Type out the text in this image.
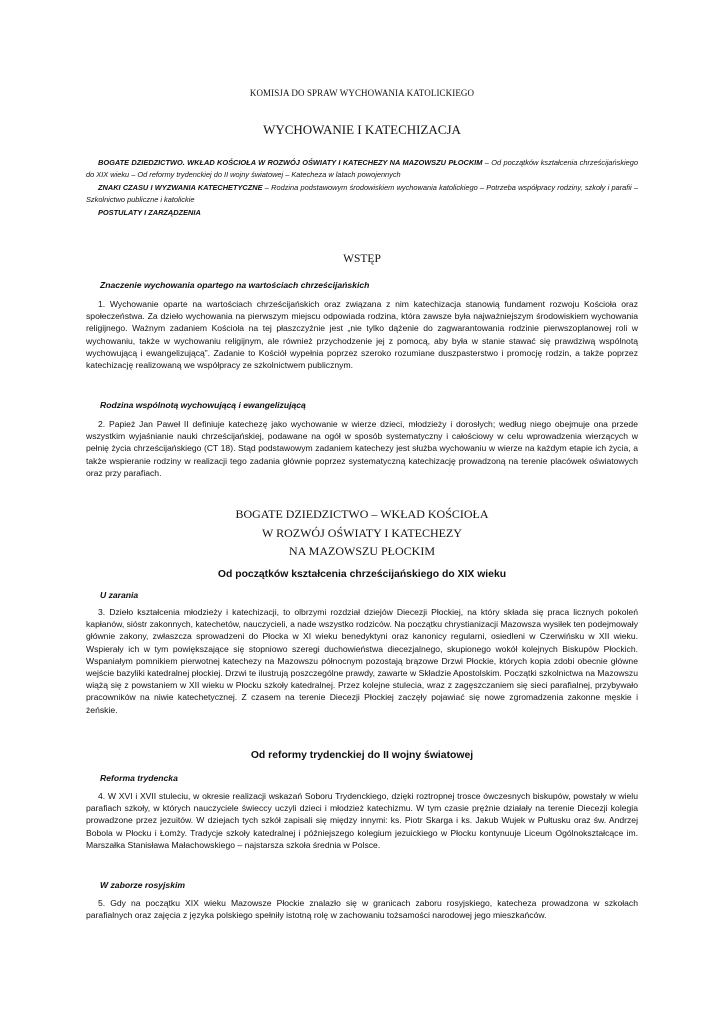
KOMISJA DO SPRAW WYCHOWANIA KATOLICKIEGO
WYCHOWANIE I KATECHIZACJA

BOGATE DZIEDZICTWO. WKŁAD KOŚCIOŁA W ROZWÓJ OŚWIATY I KATECHEZY NA MAZOWSZU PŁOCKIM – Od początków kształcenia chrześcijańskiego do XIX wieku – Od reformy trydenckiej do II wojny światowej – Katecheza w latach powojennych

ZNAKI CZASU I WYZWANIA KATECHETYCZNE – Rodzina podstawowym środowiskiem wychowania katolickiego – Potrzeba współpracy rodziny, szkoły i parafii – Szkolnictwo publiczne i katolickie

POSTULATY I ZARZĄDZENIA

WSTĘP
Znaczenie wychowania opartego na wartościach chrześcijańskich

1. Wychowanie oparte na wartościach chrześcijańskich oraz związana z nim katechizacja stanowią fundament rozwoju Kościoła oraz społeczeństwa. Za dzieło wychowania na pierwszym miejscu odpowiada rodzina, która zawsze była najważniejszym środowiskiem wychowania religijnego. Ważnym zadaniem Kościoła na tej płaszczyźnie jest „nie tylko dążenie do zagwarantowania rodzinie pierwszoplanowej roli w wychowaniu, także w wychowaniu religijnym, ale również przychodzenie jej z pomocą, aby była w stanie stawać się prawdziwą wspólnotą wychowującą i ewangelizującą”. Zadanie to Kościół wypełnia poprzez szeroko rozumiane duszpasterstwo i promocję rodzin, a także poprzez katechizację realizowaną we współpracy ze szkolnictwem publicznym.

Rodzina wspólnotą wychowującą i ewangelizującą

2. Papież Jan Paweł II definiuje katechezę jako wychowanie w wierze dzieci, młodzieży i dorosłych; według niego obejmuje ona przede wszystkim wyjaśnianie nauki chrześcijańskiej, podawane na ogół w sposób systematyczny i całościowy w celu wprowadzenia wierzących w pełnię życia chrześcijańskiego (CT 18). Stąd podstawowym zadaniem katechezy jest służba wychowaniu w wierze na każdym etapie ich życia, a także wspieranie rodziny w realizacji tego zadania głównie poprzez systematyczną katechizację prowadzoną na terenie placówek oświatowych oraz przy parafiach.

BOGATE DZIEDZICTWO – WKŁAD KOŚCIOŁA
W ROZWÓJ OŚWIATY I KATECHEZY
NA MAZOWSZU PŁOCKIM
Od początków kształcenia chrześcijańskiego do XIX wieku
U zarania

3. Dzieło kształcenia młodzieży i katechizacji, to olbrzymi rozdział dziejów Diecezji Płockiej, na który składa się praca licznych pokoleń kapłanów, sióstr zakonnych, katechetów, nauczycieli, a nade wszystko rodziców. Na początku chrystianizacji Mazowsza wysiłek ten podejmowały głównie zakony, zwłaszcza sprowadzeni do Płocka w XI wieku benedyktyni oraz kanonicy regularni, osiedleni w Czerwińsku w XII wieku. Wspierały ich w tym powiększające się stopniowo szeregi duchowieństwa diecezjalnego, skupionego wokół kolejnych Biskupów Płockich. Wspaniałym pomnikiem pierwotnej katechezy na Mazowszu północnym pozostają brązowe Drzwi Płockie, których kopia zdobi obecnie główne wejście bazyliki katedralnej płockiej. Drzwi te ilustrują poszczególne prawdy, zawarte w Składzie Apostolskim. Początki szkolnictwa na Mazowszu wiążą się z powstaniem w XII wieku w Płocku szkoły katedralnej. Przez kolejne stulecia, wraz z zagęszczaniem się sieci parafialnej, przybywało pracowników na niwie katechetycznej. Z czasem na terenie Diecezji Płockiej zaczęły pojawiać się nowe zgromadzenia zakonne męskie i żeńskie.

Od reformy trydenckiej do II wojny światowej
Reforma trydencka

4. W XVI i XVII stuleciu, w okresie realizacji wskazań Soboru Trydenckiego, dzięki roztropnej trosce ówczesnych biskupów, powstały w wielu parafiach szkoły, w których nauczyciele świeccy uczyli dzieci i młodzież katechizmu. W tym czasie prężnie działały na terenie Diecezji kolegia prowadzone przez jezuitów. W dziejach tych szkół zapisali się między innymi: ks. Piotr Skarga i ks. Jakub Wujek w Pułtusku oraz św. Andrzej Bobola w Płocku i Łomży. Tradycje szkoły katedralnej i późniejszego kolegium jezuickiego w Płocku kontynuuje Liceum Ogólnokształcące im. Marszałka Stanisława Małachowskiego – najstarsza szkoła średnia w Polsce.

W zaborze rosyjskim

5. Gdy na początku XIX wieku Mazowsze Płockie znalazło się w granicach zaboru rosyjskiego, katecheza prowadzona w szkołach parafialnych oraz zajęcia z języka polskiego spełniły istotną rolę w zachowaniu tożsamości narodowej jego mieszkańców.
